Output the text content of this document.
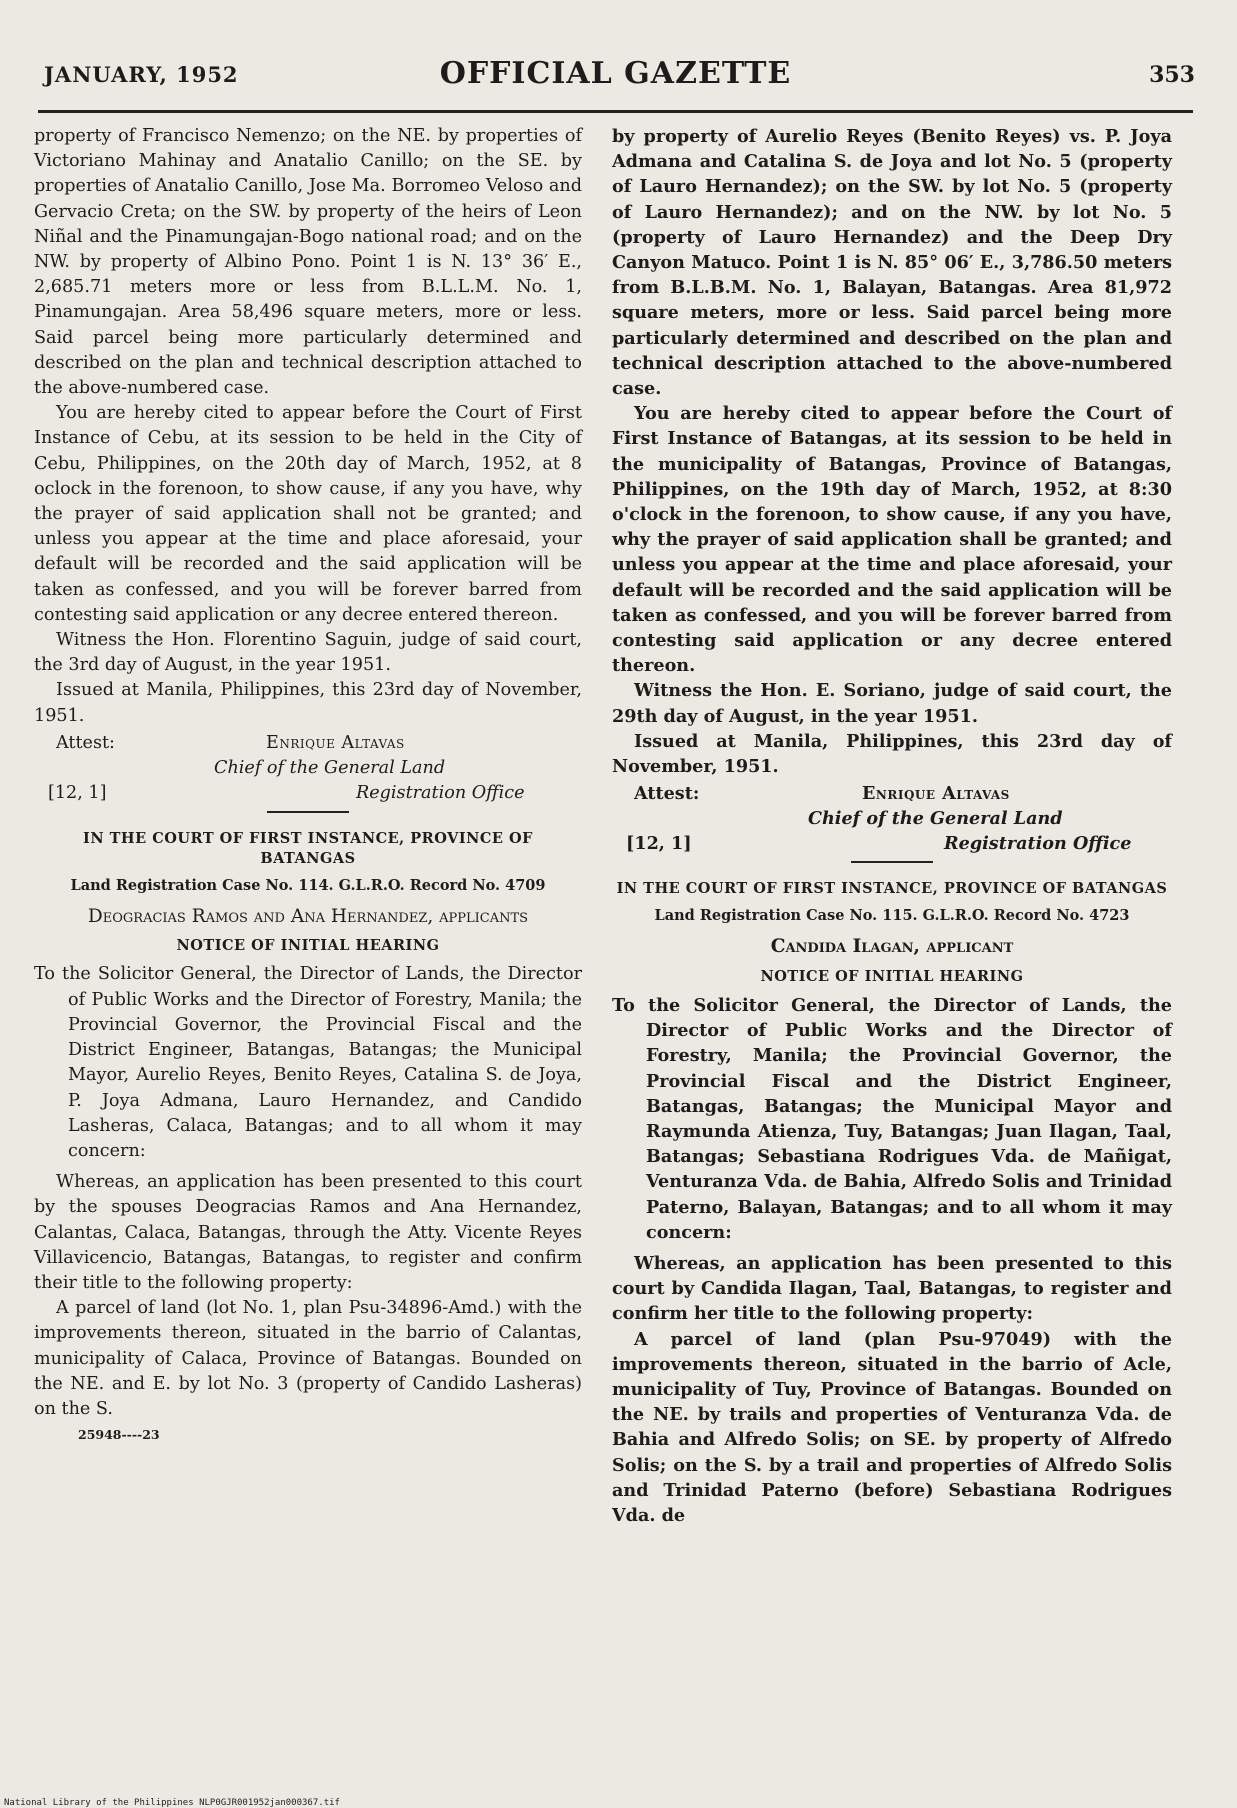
JANUARY, 1952	OFFICIAL GAZETTE	353

property of Francisco Nemenzo; on the NE. by properties of Victoriano Mahinay and Anatalio Canillo; on the SE. by properties of Anatalio Canillo, Jose Ma. Borromeo Veloso and Gervacio Creta; on the SW. by property of the heirs of Leon Niñal and the Pinamungajan-Bogo national road; and on the NW. by property of Albino Pono. Point 1 is N. 13° 36′ E., 2,685.71 meters more or less from B.L.L.M. No. 1, Pinamungajan. Area 58,496 square meters, more or less. Said parcel being more particularly determined and described on the plan and technical description attached to the above-numbered case.

You are hereby cited to appear before the Court of First Instance of Cebu, at its session to be held in the City of Cebu, Philippines, on the 20th day of March, 1952, at 8 oclock in the forenoon, to show cause, if any you have, why the prayer of said application shall not be granted; and unless you appear at the time and place aforesaid, your default will be recorded and the said application will be taken as confessed, and you will be forever barred from contesting said application or any decree entered thereon.

Witness the Hon. Florentino Saguin, judge of said court, the 3rd day of August, in the year 1951.

Issued at Manila, Philippines, this 23rd day of November, 1951.

Attest:	Enrique Altavas
Chief of the General Land
[12, 1]	Registration Office
IN THE COURT OF FIRST INSTANCE, PROVINCE OF BATANGAS
Land Registration Case No. 114. G.L.R.O. Record No. 4709
Deogracias Ramos and Ana Hernandez, applicants
NOTICE OF INITIAL HEARING

To the Solicitor General, the Director of Lands, the Director of Public Works and the Director of Forestry, Manila; the Provincial Governor, the Provincial Fiscal and the District Engineer, Batangas, Batangas; the Municipal Mayor, Aurelio Reyes, Benito Reyes, Catalina S. de Joya, P. Joya Admana, Lauro Hernandez, and Candido Lasheras, Calaca, Batangas; and to all whom it may concern:

Whereas, an application has been presented to this court by the spouses Deogracias Ramos and Ana Hernandez, Calantas, Calaca, Batangas, through the Atty. Vicente Reyes Villavicencio, Batangas, Batangas, to register and confirm their title to the following property:

A parcel of land (lot No. 1, plan Psu-34896-Amd.) with the improvements thereon, situated in the barrio of Calantas, municipality of Calaca, Province of Batangas. Bounded on the NE. and E. by lot No. 3 (property of Candido Lasheras) on the S.

25948----23

by property of Aurelio Reyes (Benito Reyes) vs. P. Joya Admana and Catalina S. de Joya and lot No. 5 (property of Lauro Hernandez); on the SW. by lot No. 5 (property of Lauro Hernandez); and on the NW. by lot No. 5 (property of Lauro Hernandez) and the Deep Dry Canyon Matuco. Point 1 is N. 85° 06′ E., 3,786.50 meters from B.L.B.M. No. 1, Balayan, Batangas. Area 81,972 square meters, more or less. Said parcel being more particularly determined and described on the plan and technical description attached to the above-numbered case.

You are hereby cited to appear before the Court of First Instance of Batangas, at its session to be held in the municipality of Batangas, Province of Batangas, Philippines, on the 19th day of March, 1952, at 8:30 o'clock in the forenoon, to show cause, if any you have, why the prayer of said application shall be granted; and unless you appear at the time and place aforesaid, your default will be recorded and the said application will be taken as confessed, and you will be forever barred from contesting said application or any decree entered thereon.

Witness the Hon. E. Soriano, judge of said court, the 29th day of August, in the year 1951.

Issued at Manila, Philippines, this 23rd day of November, 1951.

Attest:	Enrique Altavas
Chief of the General Land
[12, 1]	Registration Office
IN THE COURT OF FIRST INSTANCE, PROVINCE OF BATANGAS
Land Registration Case No. 115. G.L.R.O. Record No. 4723
Candida Ilagan, applicant
NOTICE OF INITIAL HEARING

To the Solicitor General, the Director of Lands, the Director of Public Works and the Director of Forestry, Manila; the Provincial Governor, the Provincial Fiscal and the District Engineer, Batangas, Batangas; the Municipal Mayor and Raymunda Atienza, Tuy, Batangas; Juan Ilagan, Taal, Batangas; Sebastiana Rodrigues Vda. de Mañigat, Venturanza Vda. de Bahia, Alfredo Solis and Trinidad Paterno, Balayan, Batangas; and to all whom it may concern:

Whereas, an application has been presented to this court by Candida Ilagan, Taal, Batangas, to register and confirm her title to the following property:

A parcel of land (plan Psu-97049) with the improvements thereon, situated in the barrio of Acle, municipality of Tuy, Province of Batangas. Bounded on the NE. by trails and properties of Venturanza Vda. de Bahia and Alfredo Solis; on SE. by property of Alfredo Solis; on the S. by a trail and properties of Alfredo Solis and Trinidad Paterno (before) Sebastiana Rodrigues Vda. de

National Library of the Philippines NLP0GJR001952jan000367.tif
